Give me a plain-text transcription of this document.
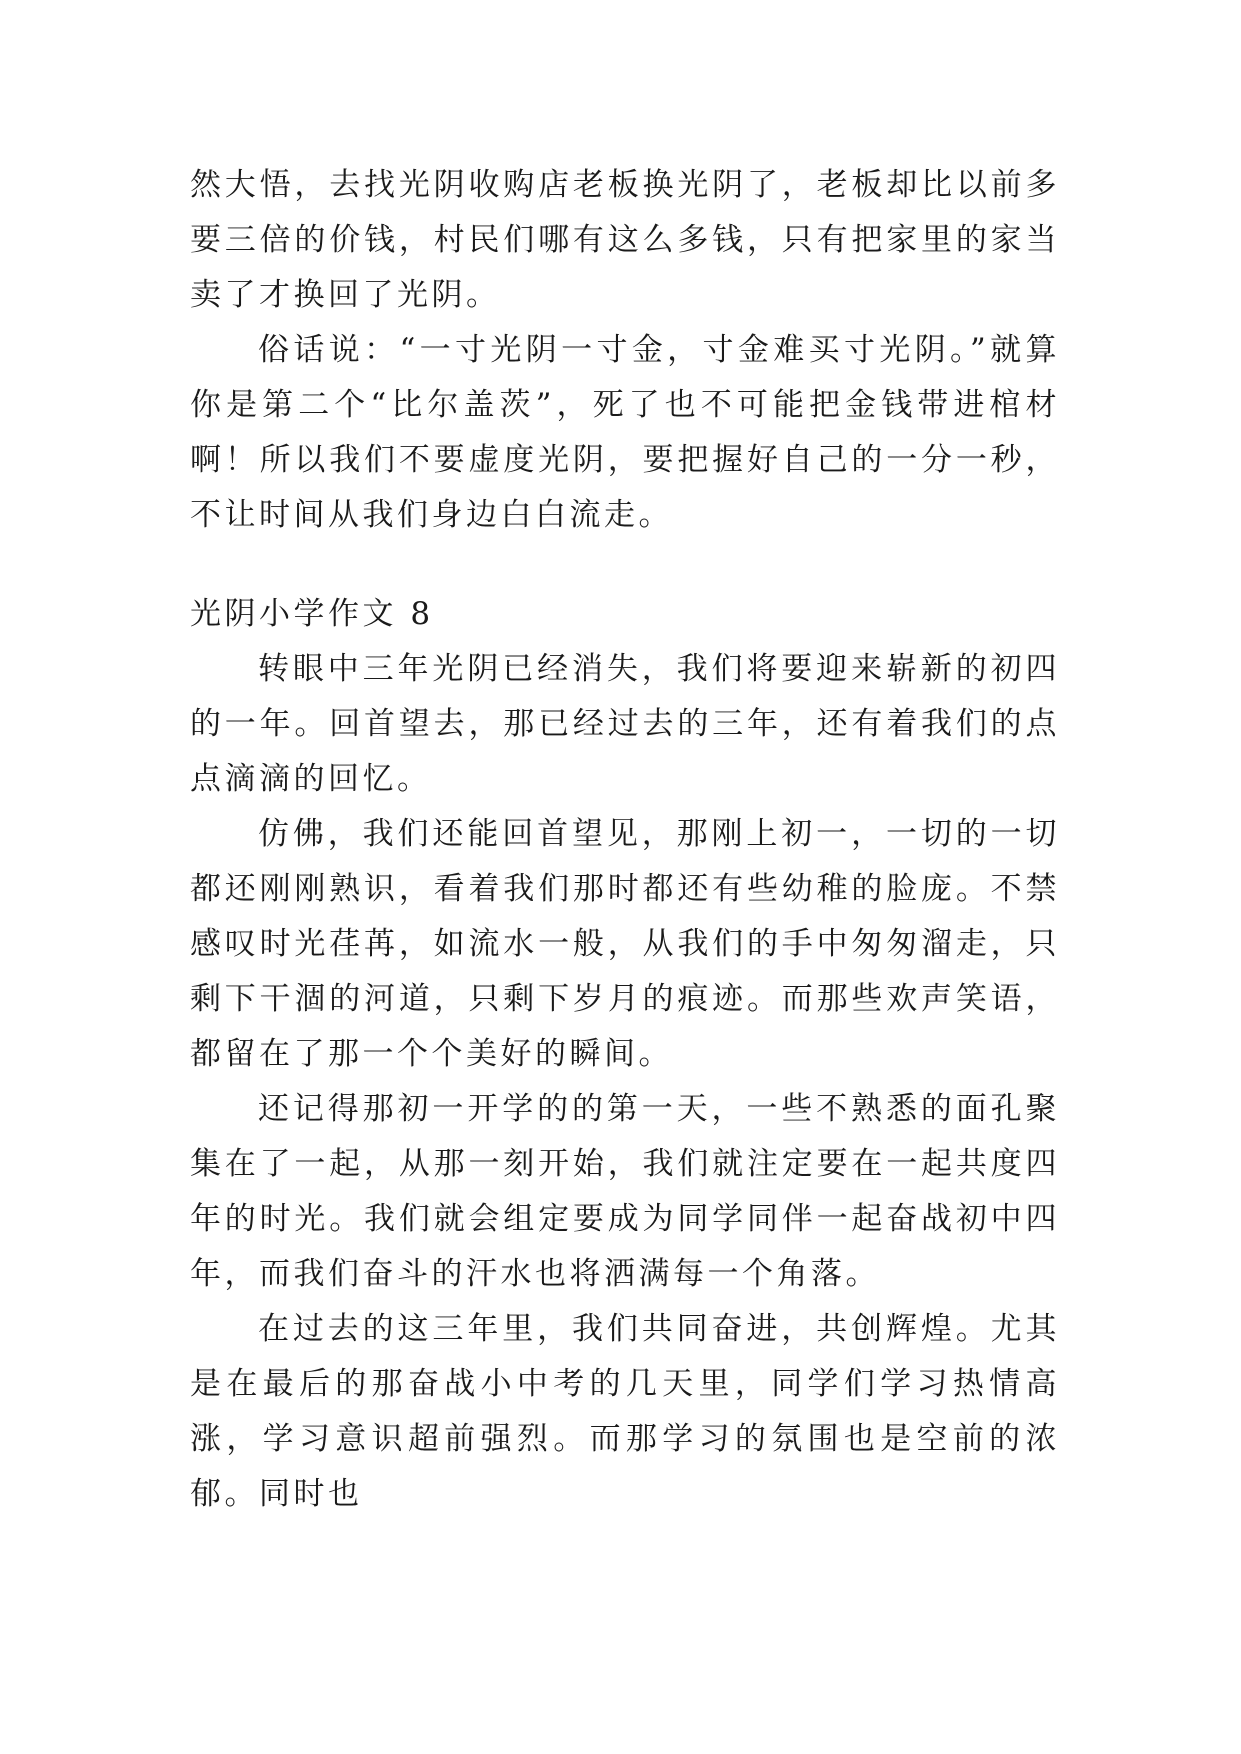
然大悟，去找光阴收购店老板换光阴了，老板却比以前多要三倍的价钱，村民们哪有这么多钱，只有把家里的家当卖了才换回了光阴。

俗话说：“一寸光阴一寸金，寸金难买寸光阴。”就算你是第二个“比尔盖茨”，死了也不可能把金钱带进棺材啊！所以我们不要虚度光阴，要把握好自己的一分一秒，不让时间从我们身边白白流走。

光阴小学作文 8

转眼中三年光阴已经消失，我们将要迎来崭新的初四的一年。回首望去，那已经过去的三年，还有着我们的点点滴滴的回忆。

仿佛，我们还能回首望见，那刚上初一，一切的一切都还刚刚熟识，看着我们那时都还有些幼稚的脸庞。不禁感叹时光荏苒，如流水一般，从我们的手中匆匆溜走，只剩下干涸的河道，只剩下岁月的痕迹。而那些欢声笑语，都留在了那一个个美好的瞬间。

还记得那初一开学的的第一天，一些不熟悉的面孔聚集在了一起，从那一刻开始，我们就注定要在一起共度四年的时光。我们就会组定要成为同学同伴一起奋战初中四年，而我们奋斗的汗水也将洒满每一个角落。

在过去的这三年里，我们共同奋进，共创辉煌。尤其是在最后的那奋战小中考的几天里，同学们学习热情高涨，学习意识超前强烈。而那学习的氛围也是空前的浓郁。同时也
